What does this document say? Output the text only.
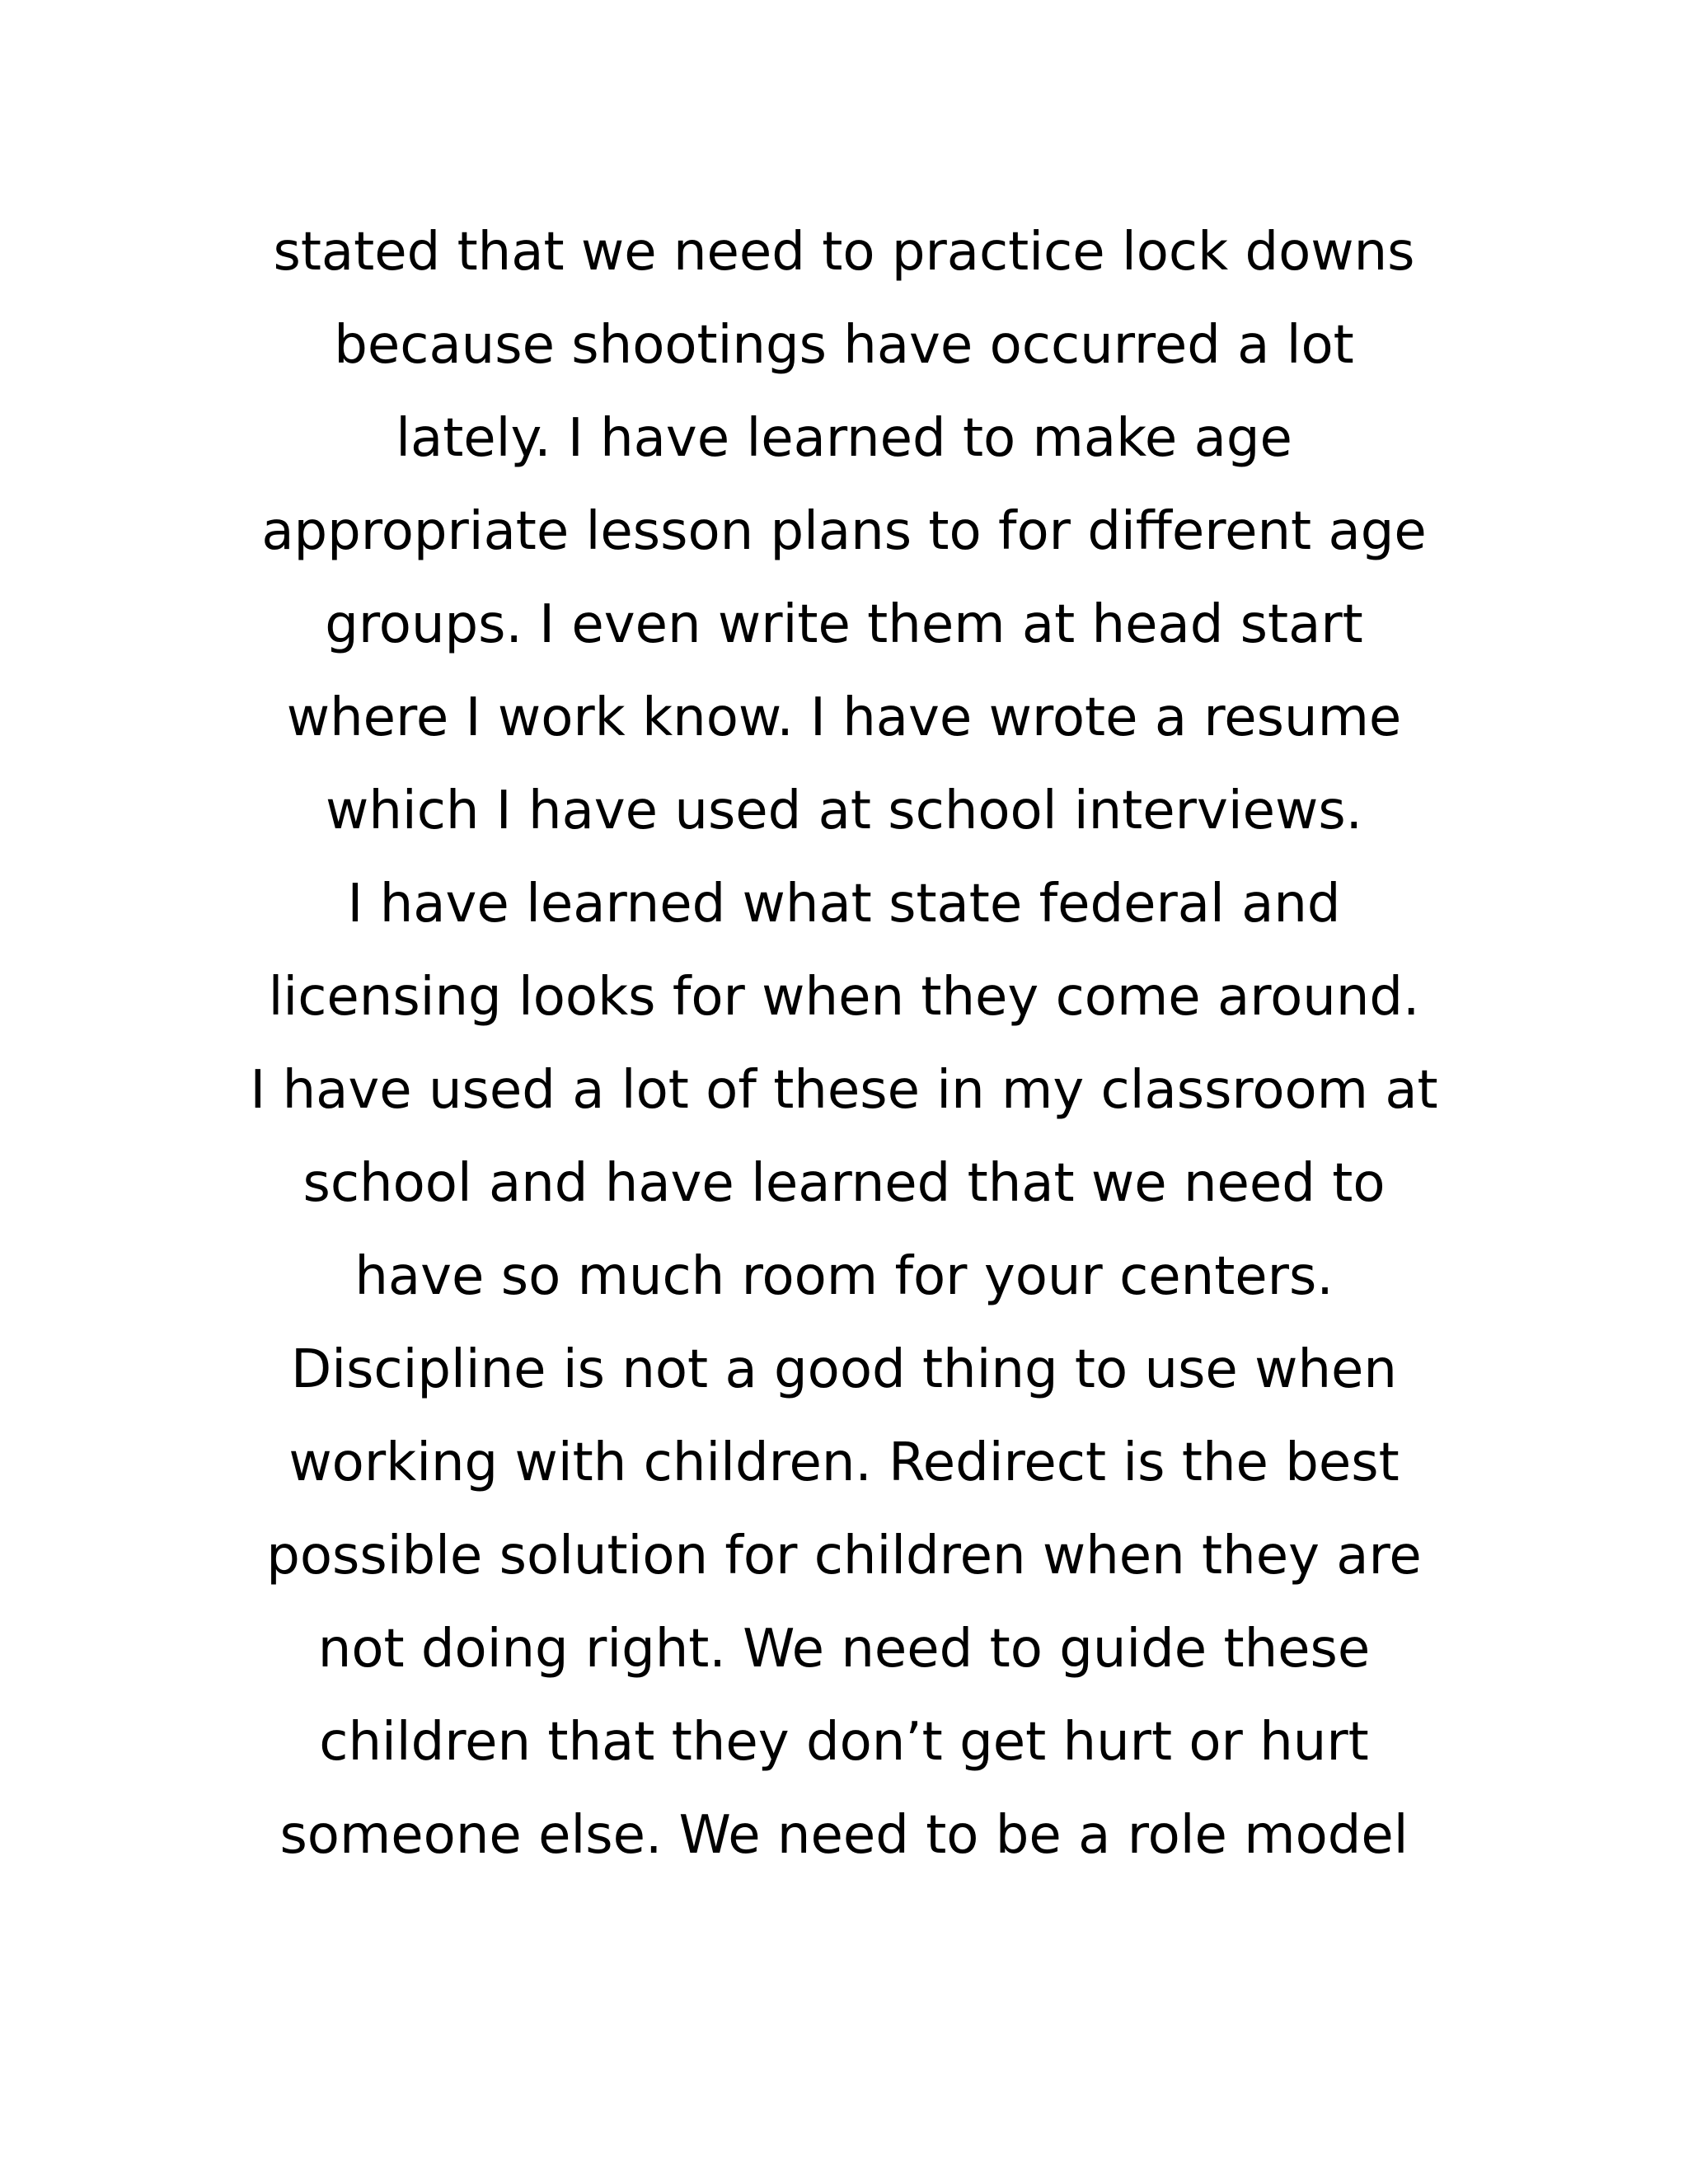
stated that we need to practice lock downs
because shootings have occurred a lot
lately. I have learned to make age
appropriate lesson plans to for different age
groups. I even write them at head start
where I work know. I have wrote a resume
which I have used at school interviews.
I have learned what state federal and
licensing looks for when they come around.
I have used a lot of these in my classroom at
school and have learned that we need to
have so much room for your centers.
Discipline is not a good thing to use when
working with children. Redirect is the best
possible solution for children when they are
not doing right. We need to guide these
children that they don’t get hurt or hurt
someone else. We need to be a role model
